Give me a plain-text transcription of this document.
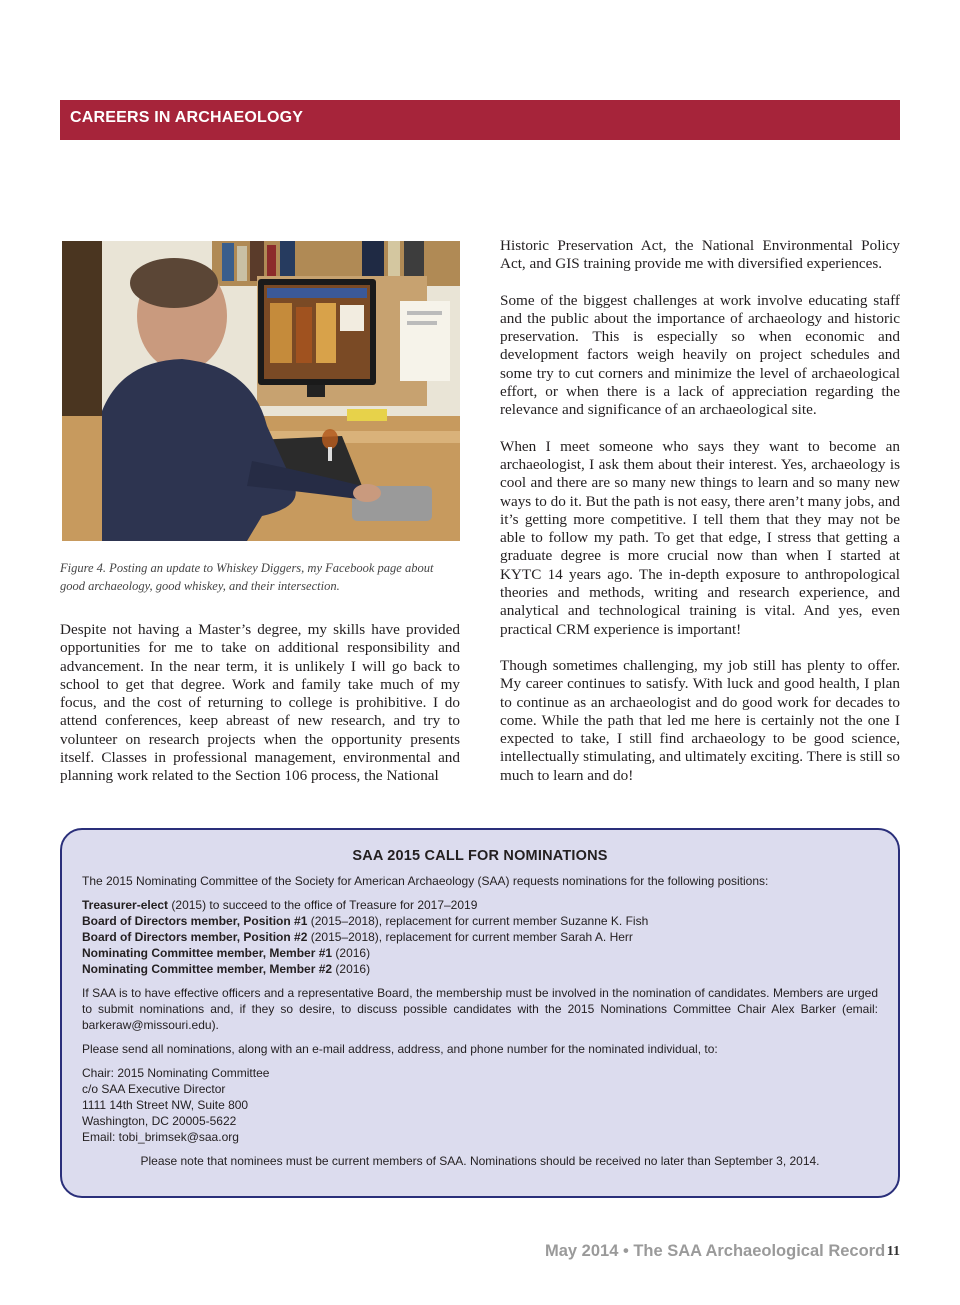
CAREERS IN ARCHAEOLOGY
Figure 4. Posting an update to Whiskey Diggers, my Facebook page about good archaeology, good whiskey, and their intersection.

Despite not having a Master’s degree, my skills have provided opportunities for me to take on additional responsibility and advancement. In the near term, it is unlikely I will go back to school to get that degree. Work and family take much of my focus, and the cost of returning to college is prohibitive. I do attend conferences, keep abreast of new research, and try to volunteer on research projects when the opportunity presents itself. Classes in professional management, environmental and planning work related to the Section 106 process, the National

Historic Preservation Act, the National Environmental Policy Act, and GIS training provide me with diversified experiences.

Some of the biggest challenges at work involve educating staff and the public about the importance of archaeology and historic preservation. This is especially so when economic and development factors weigh heavily on project schedules and some try to cut corners and minimize the level of archaeological effort, or when there is a lack of appreciation regarding the relevance and significance of an archaeological site.

When I meet someone who says they want to become an archaeologist, I ask them about their interest. Yes, archaeology is cool and there are so many new things to learn and so many new ways to do it. But the path is not easy, there aren’t many jobs, and it’s getting more competitive. I tell them that they may not be able to follow my path. To get that edge, I stress that getting a graduate degree is more crucial now than when I started at KYTC 14 years ago. The in-depth exposure to anthropological theories and methods, writing and research experience, and analytical and technological training is vital. And yes, even practical CRM experience is important!

Though sometimes challenging, my job still has plenty to offer. My career continues to satisfy. With luck and good health, I plan to continue as an archaeologist and do good work for decades to come. While the path that led me here is certainly not the one I expected to take, I still find archaeology to be good science, intellectually stimulating, and ultimately exciting. There is still so much to learn and do!

SAA 2015 CALL FOR NOMINATIONS

The 2015 Nominating Committee of the Society for American Archaeology (SAA) requests nominations for the following positions:

Treasurer-elect (2015) to succeed to the office of Treasure for 2017–2019
Board of Directors member, Position #1 (2015–2018), replacement for current member Suzanne K. Fish
Board of Directors member, Position #2 (2015–2018), replacement for current member Sarah A. Herr
Nominating Committee member, Member #1 (2016)
Nominating Committee member, Member #2 (2016)

If SAA is to have effective officers and a representative Board, the membership must be involved in the nomination of candidates. Members are urged to submit nominations and, if they so desire, to discuss possible candidates with the 2015 Nominations Committee Chair Alex Barker (email: barkeraw@missouri.edu).

Please send all nominations, along with an e-mail address, address, and phone number for the nominated individual, to:

Chair: 2015 Nominating Committee
c/o SAA Executive Director
1111 14th Street NW, Suite 800
Washington, DC 20005-5622
Email: tobi_brimsek@saa.org

Please note that nominees must be current members of SAA. Nominations should be received no later than September 3, 2014.

May 2014 • The SAA Archaeological Record 11
